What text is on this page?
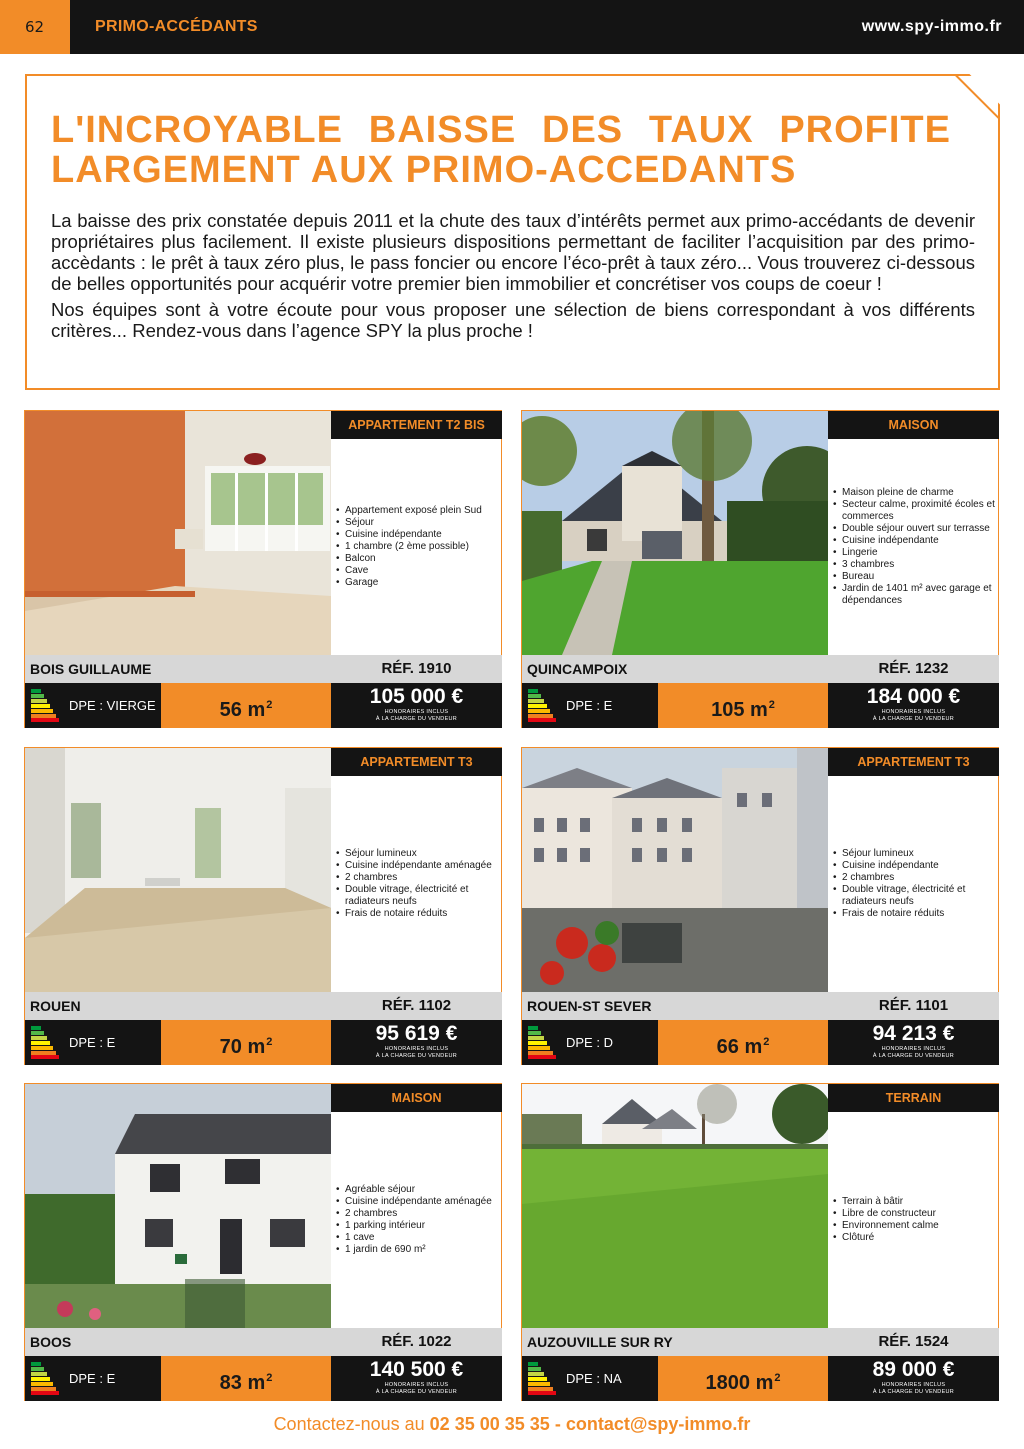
62	PRIMO-ACCÉDANTS	www.spy-immo.fr
L'INCROYABLE BAISSE DES TAUX PROFITE
LARGEMENT AUX PRIMO-ACCEDANTS

La baisse des prix constatée depuis 2011 et la chute des taux d’intérêts permet aux primo-accédants de devenir propriétaires plus facilement. Il existe plusieurs dispositions permettant de faciliter l’acquisition par des primo-accèdants : le prêt à taux zéro plus, le pass foncier ou encore l’éco-prêt à taux zéro... Vous trouverez ci-dessous de belles opportunités pour acquérir votre premier bien immobilier et concrétiser vos coups de coeur !

Nos équipes sont à votre écoute pour vous proposer une sélection de biens correspondant à vos différents critères... Rendez-vous dans l’agence SPY la plus proche !

APPARTEMENT T2 BIS
• Appartement exposé plein Sud
• Séjour
• Cuisine indépendante
• 1 chambre (2 ème possible)
• Balcon
• Cave
• Garage
BOIS GUILLAUME	RÉF. 1910
DPE : VIERGE	56 $m^2$	105 000 €
HONORAIRES INCLUS
À LA CHARGE DU VENDEUR
MAISON
• Maison pleine de charme
• Secteur calme, proximité écoles et commerces
• Double séjour ouvert sur terrasse
• Cuisine indépendante
• Lingerie
• 3 chambres
• Bureau
• Jardin de 1401 m² avec garage et dépendances
QUINCAMPOIX	RÉF. 1232
DPE : E	105 $m^2$	184 000 €
HONORAIRES INCLUS
À LA CHARGE DU VENDEUR
APPARTEMENT T3
• Séjour lumineux
• Cuisine indépendante aménagée
• 2 chambres
• Double vitrage, électricité et radiateurs neufs
• Frais de notaire réduits
ROUEN	RÉF. 1102
DPE : E	70 $m^2$	95 619 €
HONORAIRES INCLUS
À LA CHARGE DU VENDEUR
APPARTEMENT T3
• Séjour lumineux
• Cuisine indépendante
• 2 chambres
• Double vitrage, électricité et radiateurs neufs
• Frais de notaire réduits
ROUEN-ST SEVER	RÉF. 1101
DPE : D	66 $m^2$	94 213 €
HONORAIRES INCLUS
À LA CHARGE DU VENDEUR
MAISON
• Agréable séjour
• Cuisine indépendante aménagée
• 2 chambres
• 1 parking intérieur
• 1 cave
• 1 jardin de 690 m²
BOOS	RÉF. 1022
DPE : E	83 $m^2$	140 500 €
HONORAIRES INCLUS
À LA CHARGE DU VENDEUR
TERRAIN
• Terrain à bâtir
• Libre de constructeur
• Environnement calme
• Clôturé
AUZOUVILLE SUR RY	RÉF. 1524
DPE : NA	1800 $m^2$	89 000 €
HONORAIRES INCLUS
À LA CHARGE DU VENDEUR
Contactez-nous au 02 35 00 35 35 - contact@spy-immo.fr
